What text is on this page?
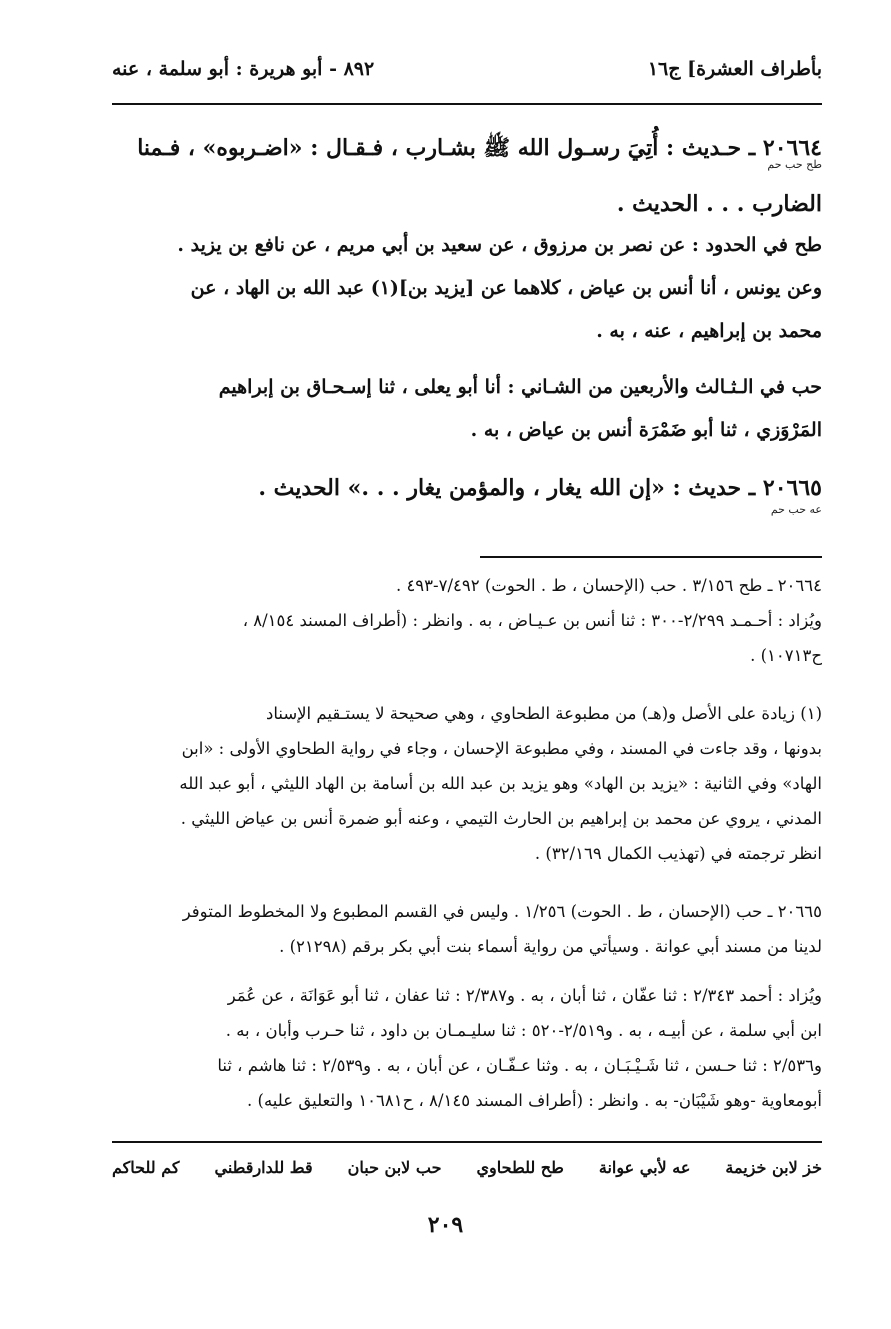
بأطراف العشرة] ج١٦
٨٩٢ - أبو هريرة : أبو سلمة ، عنه
٢٠٦٦٤ ـ حـديث : أُتِيَ رسـول الله ﷺ بشـارب ، فـقـال : «اضـربوه» ، فـمنا
الضارب . . . الحديث .
طح حب حم
طح في الحدود : عن نصر بن مرزوق ، عن سعيد بن أبي مريم ، عن نافع بن يزيد .
وعن يونس ، أنا أنس بن عياض ، كلاهما عن [يزيد بن](١) عبد الله بن الهاد ، عن
محمد بن إبراهيم ، عنه ، به .
حب في الـثـالث والأربعين من الشـاني : أنا أبو يعلى ، ثنا إسـحـاق بن إبراهيم
المَرْوَزي ، ثنا أبو ضَمْرَة أنس بن عياض ، به .
٢٠٦٦٥ ـ حديث : «إن الله يغار ، والمؤمن يغار . . .» الحديث .
عه حب حم
٢٠٦٦٤ ـ طح ٣/١٥٦ . حب (الإحسان ، ط . الحوت) ٧/٤٩٢-٤٩٣ .
ويُزاد : أحـمـد ٢/٢٩٩-٣٠٠ : ثنا أنس بن عـيـاض ، به . وانظر : (أطراف المسند ٨/١٥٤ ،
ح١٠٧١٣) .
(١) زيادة على الأصل و(هـ) من مطبوعة الطحاوي ، وهي صحيحة لا يستـقيم الإسناد
بدونها ، وقد جاءت في المسند ، وفي مطبوعة الإحسان ، وجاء في رواية الطحاوي الأولى : «ابن
الهاد» وفي الثانية : «يزيد بن الهاد» وهو يزيد بن عبد الله بن أسامة بن الهاد الليثي ، أبو عبد الله
المدني ، يروي عن محمد بن إبراهيم بن الحارث التيمي ، وعنه أبو ضمرة أنس بن عياض الليثي .
انظر ترجمته في (تهذيب الكمال ٣٢/١٦٩) .
٢٠٦٦٥ ـ حب (الإحسان ، ط . الحوت) ١/٢٥٦ . وليس في القسم المطبوع ولا المخطوط المتوفر
لدينا من مسند أبي عوانة . وسيأتي من رواية أسماء بنت أبي بكر برقم (٢١٢٩٨) .
ويُزاد : أحمد ٢/٣٤٣ : ثنا عفّان ، ثنا أبان ، به . و٢/٣٨٧ : ثنا عفان ، ثنا أبو عَوَانَة ، عن عُمَر
ابن أبي سلمة ، عن أبيـه ، به . و٢/٥١٩-٥٢٠ : ثنا سليـمـان بن داود ، ثنا حـرب وأبان ، به .
و٢/٥٣٦ : ثنا حـسن ، ثنا شَـيْـبَـان ، به . وثنا عـفّـان ، عن أبان ، به . و٢/٥٣٩ : ثنا هاشم ، ثنا
أبومعاوية -وهو شَيْبَان- به . وانظر : (أطراف المسند ٨/١٤٥ ، ح١٠٦٨١ والتعليق عليه) .
خز لابن خزيمة
عه لأبي عوانة
طح للطحاوي
حب لابن حبان
قط للدارقطني
كم للحاكم
٢٠٩
